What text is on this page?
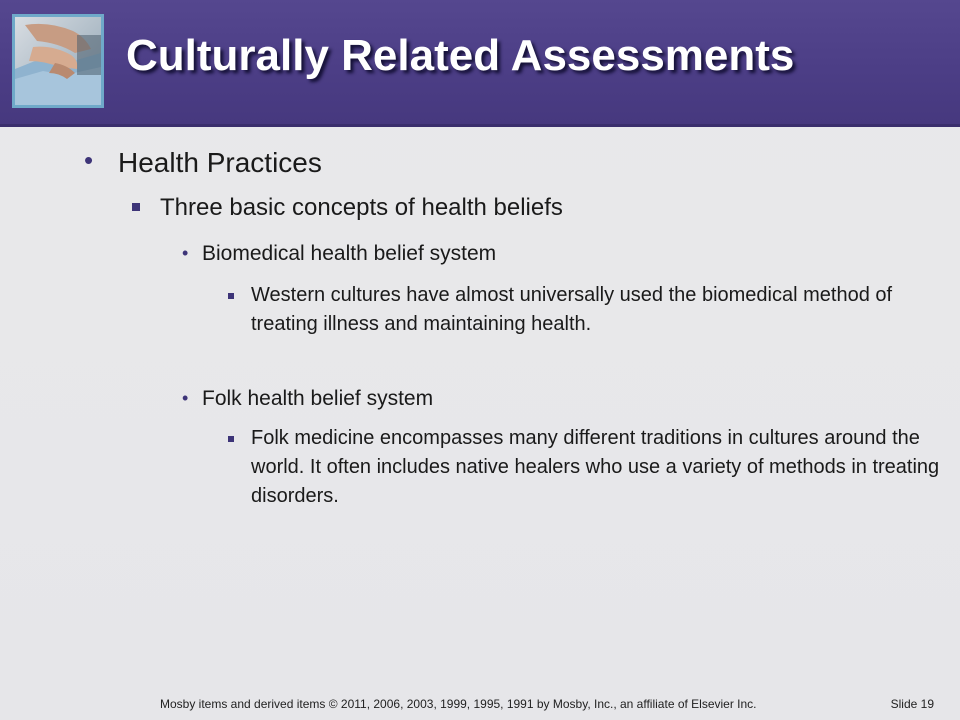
Culturally Related Assessments
• Health Practices
Three basic concepts of health beliefs
• Biomedical health belief system
Western cultures have almost universally used the biomedical method of treating illness and maintaining health.
• Folk health belief system
Folk medicine encompasses many different traditions in cultures around the world. It often includes native healers who use a variety of methods in treating disorders.
Mosby items and derived items © 2011, 2006, 2003, 1999, 1995, 1991 by Mosby, Inc., an affiliate of Elsevier Inc.	Slide 19
